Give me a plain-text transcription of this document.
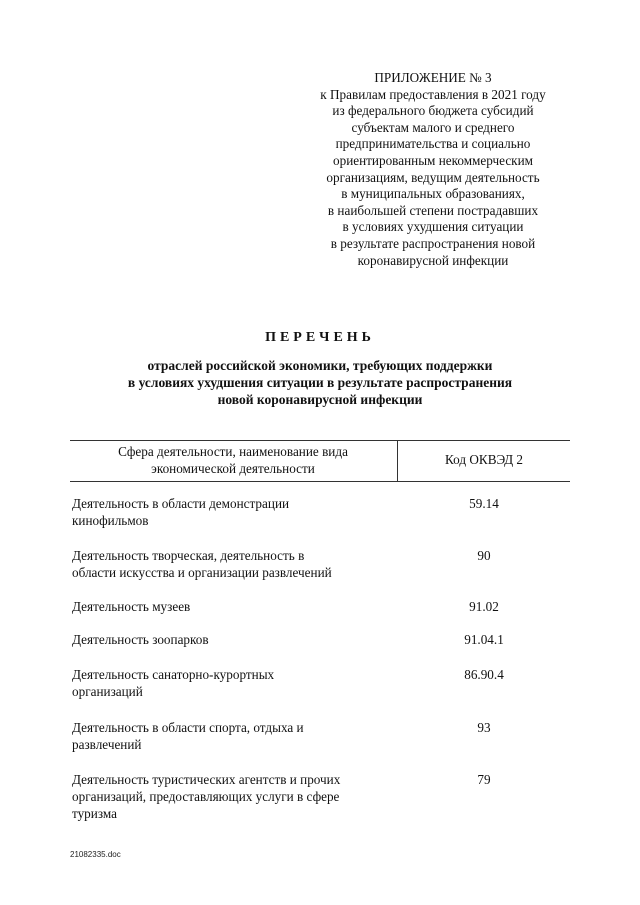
ПРИЛОЖЕНИЕ № 3
к Правилам предоставления в 2021 году
из федерального бюджета субсидий
субъектам малого и среднего
предпринимательства и социально
ориентированным некоммерческим
организациям, ведущим деятельность
в муниципальных образованиях,
в наибольшей степени пострадавших
в условиях ухудшения ситуации
в результате распространения новой
коронавирусной инфекции
ПЕРЕЧЕНЬ
отраслей российской экономики, требующих поддержки
в условиях ухудшения ситуации в результате распространения
новой коронавирусной инфекции
Сфера деятельности, наименование вида
экономической деятельности
Код ОКВЭД 2
Деятельность в области демонстрации
кинофильмов
59.14
Деятельность творческая, деятельность в
области искусства и организации развлечений
90
Деятельность музеев	91.02
Деятельность зоопарков	91.04.1
Деятельность санаторно-курортных
организаций
86.90.4
Деятельность в области спорта, отдыха и
развлечений
93
Деятельность туристических агентств и прочих
организаций, предоставляющих услуги в сфере
туризма
79
21082335.doc
